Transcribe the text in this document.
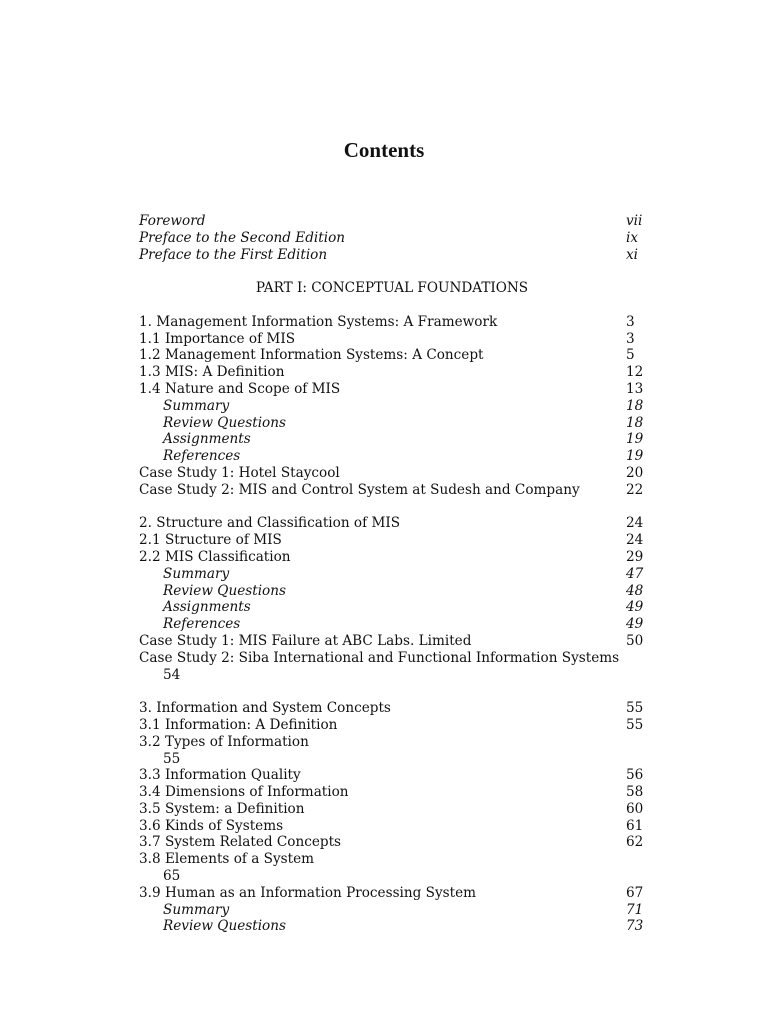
Contents
Foreword	vii
Preface to the Second Edition	ix
Preface to the First Edition	xi
PART I: CONCEPTUAL FOUNDATIONS
1. Management Information Systems: A Framework	3
1.1 Importance of MIS	3
1.2 Management Information Systems: A Concept	5
1.3 MIS: A Definition	12
1.4 Nature and Scope of MIS	13
Summary	18
Review Questions	18
Assignments	19
References	19
Case Study 1: Hotel Staycool	20
Case Study 2: MIS and Control System at Sudesh and Company	22
2. Structure and Classification of MIS	24
2.1 Structure of MIS	24
2.2 MIS Classification	29
Summary	47
Review Questions	48
Assignments	49
References	49
Case Study 1: MIS Failure at ABC Labs. Limited	50
Case Study 2: Siba International and Functional Information Systems
54
3. Information and System Concepts	55
3.1 Information: A Definition	55
3.2 Types of Information
55
3.3 Information Quality	56
3.4 Dimensions of Information	58
3.5 System: a Definition	60
3.6 Kinds of Systems	61
3.7 System Related Concepts	62
3.8 Elements of a System
65
3.9 Human as an Information Processing System	67
Summary	71
Review Questions	73
